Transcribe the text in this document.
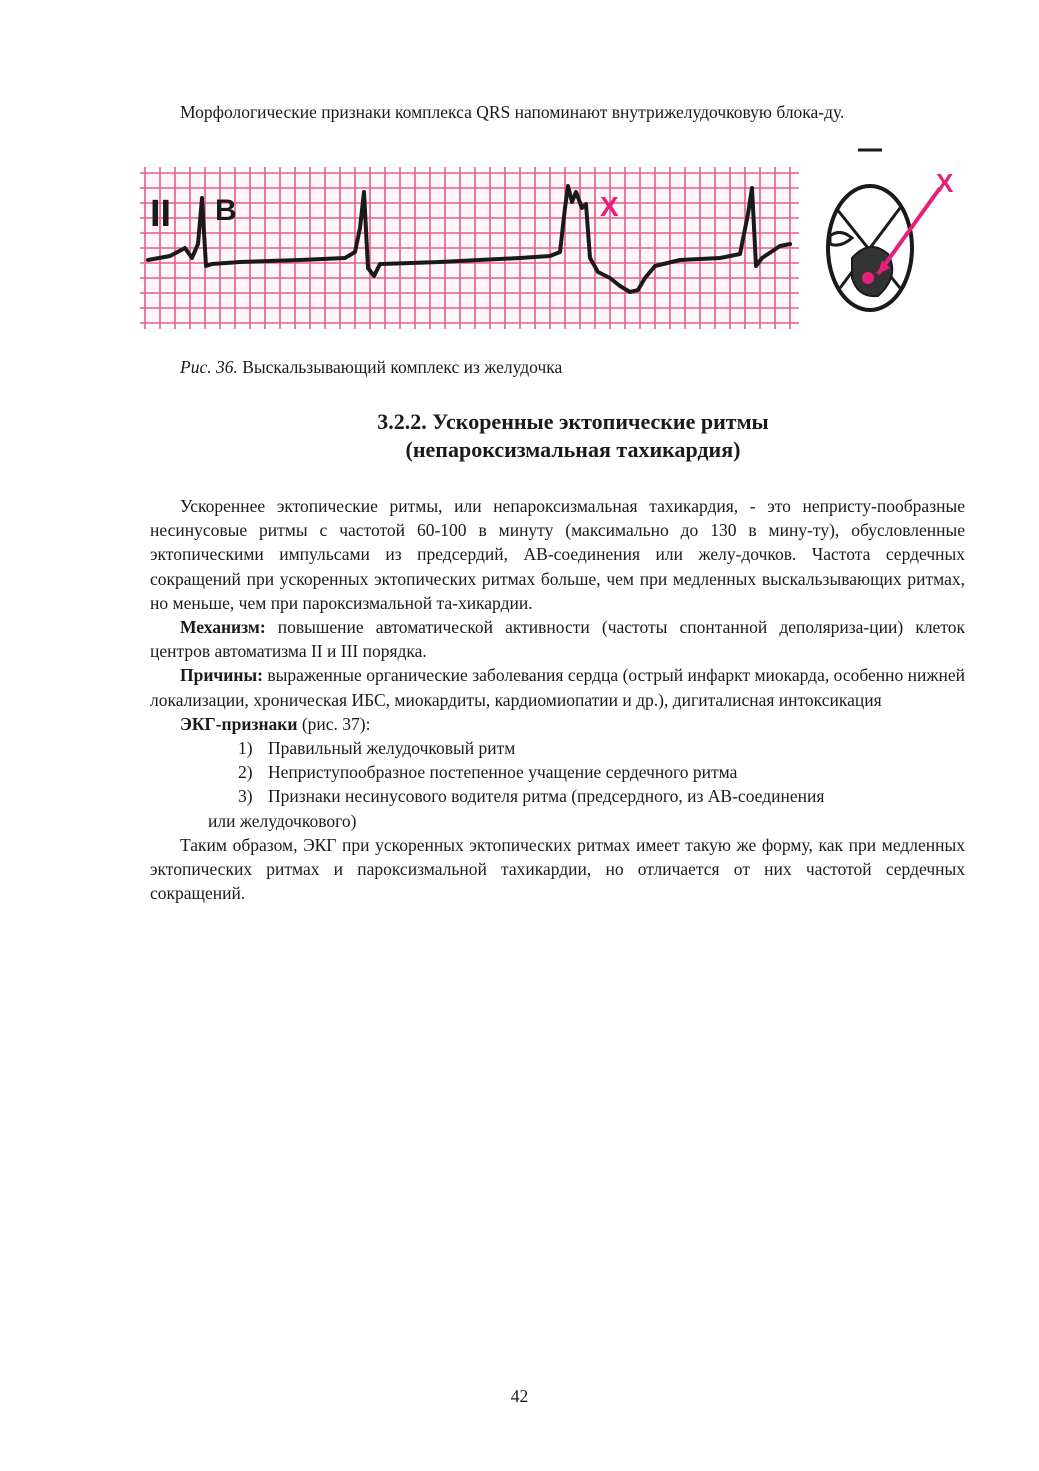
Морфологические признаки комплекса QRS напоминают внутрижелудочковую блока-ду.

II B	X
X

Рис. 36. Выскальзывающий комплекс из желудочка

3.2.2. Ускоренные эктопические ритмы
(непароксизмальная тахикардия)

Ускореннее эктопические ритмы, или непароксизмальная тахикардия, - это непристу-пообразные несинусовые ритмы с частотой 60-100 в минуту (максимально до 130 в мину-ту), обусловленные эктопическими импульсами из предсердий, АВ-соединения или желу-дочков. Частота сердечных сокращений при ускоренных эктопических ритмах больше, чем при медленных выскальзывающих ритмах, но меньше, чем при пароксизмальной та-хикардии.

Механизм: повышение автоматической активности (частоты спонтанной деполяриза-ции) клеток центров автоматизма II и III порядка.

Причины: выраженные органические заболевания сердца (острый инфаркт миокарда, особенно нижней локализации, хроническая ИБС, миокардиты, кардиомиопатии и др.), дигиталисная интоксикация

ЭКГ-признаки (рис. 37):

1) Правильный желудочковый ритм
2) Неприступообразное постепенное учащение сердечного ритма
3) Признаки несинусового водителя ритма (предсердного, из АВ-соединения
или желудочкового)

Таким образом, ЭКГ при ускоренных эктопических ритмах имеет такую же форму, как при медленных эктопических ритмах и пароксизмальной тахикардии, но отличается от них частотой сердечных сокращений.

42
